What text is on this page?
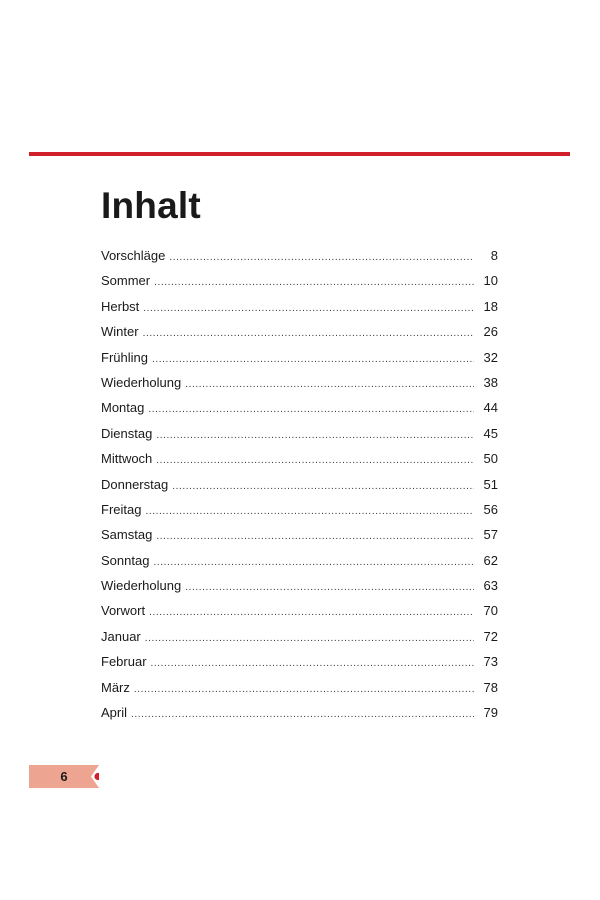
Inhalt
Vorschläge .....	8
Sommer .....	10
Herbst .....	18
Winter .....	26
Frühling .....	32
Wiederholung .....	38
Montag .....	44
Dienstag .....	45
Mittwoch .....	50
Donnerstag .....	51
Freitag .....	56
Samstag .....	57
Sonntag .....	62
Wiederholung .....	63
Vorwort .....	70
Januar .....	72
Februar .....	73
März .....	78
April .....	79
6
